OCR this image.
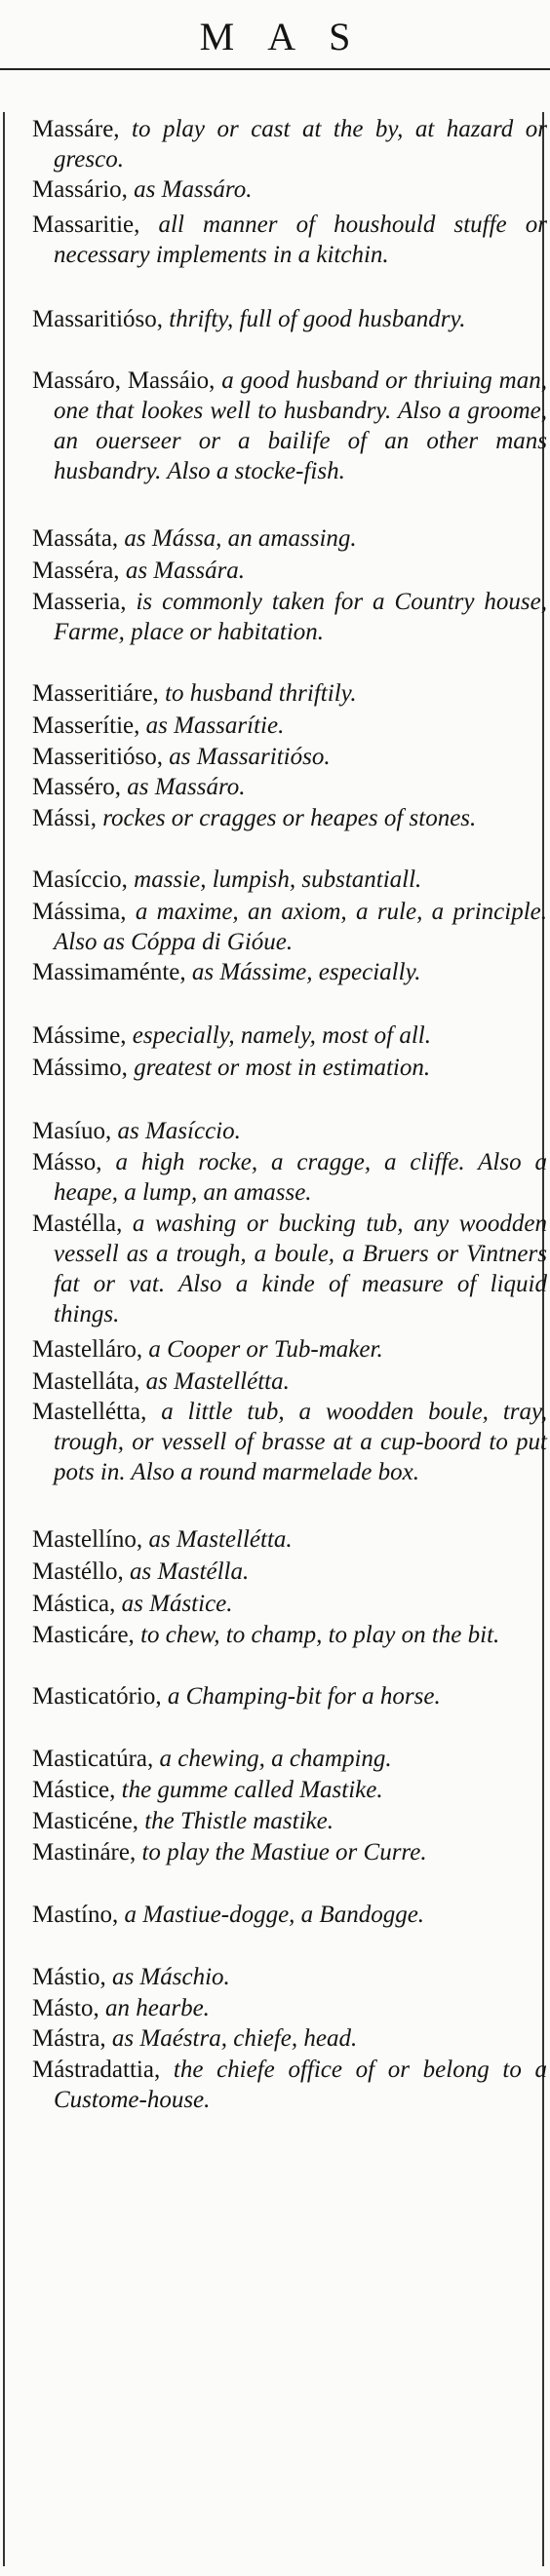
MAS

Massáre, to play or cast at the by, at hazard or gresco.

Massário, as Massáro.

Massaritie, all manner of houshould stuffe or necessary implements in a kitchin.

Massaritióso, thrifty, full of good husbandry.

Massáro, Massáio, a good husband or thriuing man, one that lookes well to husbandry. Also a groome, an ouerseer or a bailife of an other mans husbandry. Also a stocke-fish.

Massáta, as Mássa, an amassing.

Masséra, as Massára.

Masseria, is commonly taken for a Country house, Farme, place or habitation.

Masseritiáre, to husband thriftily.

Masserítie, as Massarítie.

Masseritióso, as Massaritióso.

Masséro, as Massáro.

Mássi, rockes or cragges or heapes of stones.

Masíccio, massie, lumpish, substantiall.

Mássima, a maxime, an axiom, a rule, a principle. Also as Cóppa di Gióue.

Massimaménte, as Mássime, especially.

Mássime, especially, namely, most of all.

Mássimo, greatest or most in estimation.

Masíuo, as Masíccio.

Másso, a high rocke, a cragge, a cliffe. Also a heape, a lump, an amasse.

Mastélla, a washing or bucking tub, any woodden vessell as a trough, a boule, a Bruers or Vintners fat or vat. Also a kinde of measure of liquid things.

Mastelláro, a Cooper or Tub-maker.

Mastelláta, as Mastellétta.

Mastellétta, a little tub, a woodden boule, tray, trough, or vessell of brasse at a cup-boord to put pots in. Also a round marmelade box.

Mastellíno, as Mastellétta.

Mastéllo, as Mastélla.

Mástica, as Mástice.

Masticáre, to chew, to champ, to play on the bit.

Masticatório, a Champing-bit for a horse.

Masticatúra, a chewing, a champing.

Mástice, the gumme called Mastike.

Masticéne, the Thistle mastike.

Mastináre, to play the Mastiue or Curre.

Mastíno, a Mastiue-dogge, a Bandogge.

Mástio, as Máschio.

Másto, an hearbe.

Mástra, as Maéstra, chiefe, head.

Mástradattia, the chiefe office of or belong to a Custome-house.
